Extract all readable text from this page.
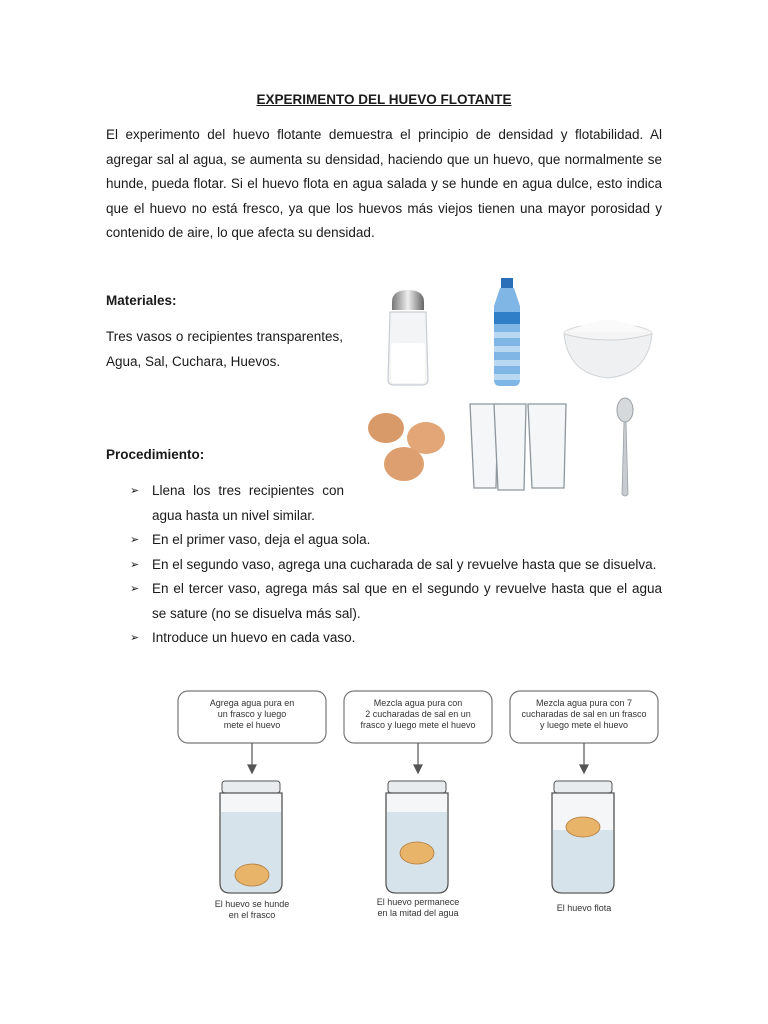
EXPERIMENTO DEL HUEVO FLOTANTE

El experimento del huevo flotante demuestra el principio de densidad y flotabilidad. Al agregar sal al agua, se aumenta su densidad, haciendo que un huevo, que normalmente se hunde, pueda flotar. Si el huevo flota en agua salada y se hunde en agua dulce, esto indica que el huevo no está fresco, ya que los huevos más viejos tienen una mayor porosidad y contenido de aire, lo que afecta su densidad.

Materiales:

Tres vasos o recipientes transparentes, Agua, Sal, Cuchara, Huevos.

Procedimiento:
➢ Llena los tres recipientes con agua hasta un nivel similar.
➢ En el primer vaso, deja el agua sola.
➢ En el segundo vaso, agrega una cucharada de sal y revuelve hasta que se disuelva.
➢ En el tercer vaso, agrega más sal que en el segundo y revuelve hasta que el agua se sature (no se disuelva más sal).
➢ Introduce un huevo en cada vaso.
Agrega agua pura en
un frasco y luego
mete el huevo
Mezcla agua pura con
2 cucharadas de sal en un
frasco y luego mete el huevo
Mezcla agua pura con 7
cucharadas de sal en un frasco
y luego mete el huevo
El huevo se hunde
en el frasco
El huevo permanece
en la mitad del agua	El huevo flota
